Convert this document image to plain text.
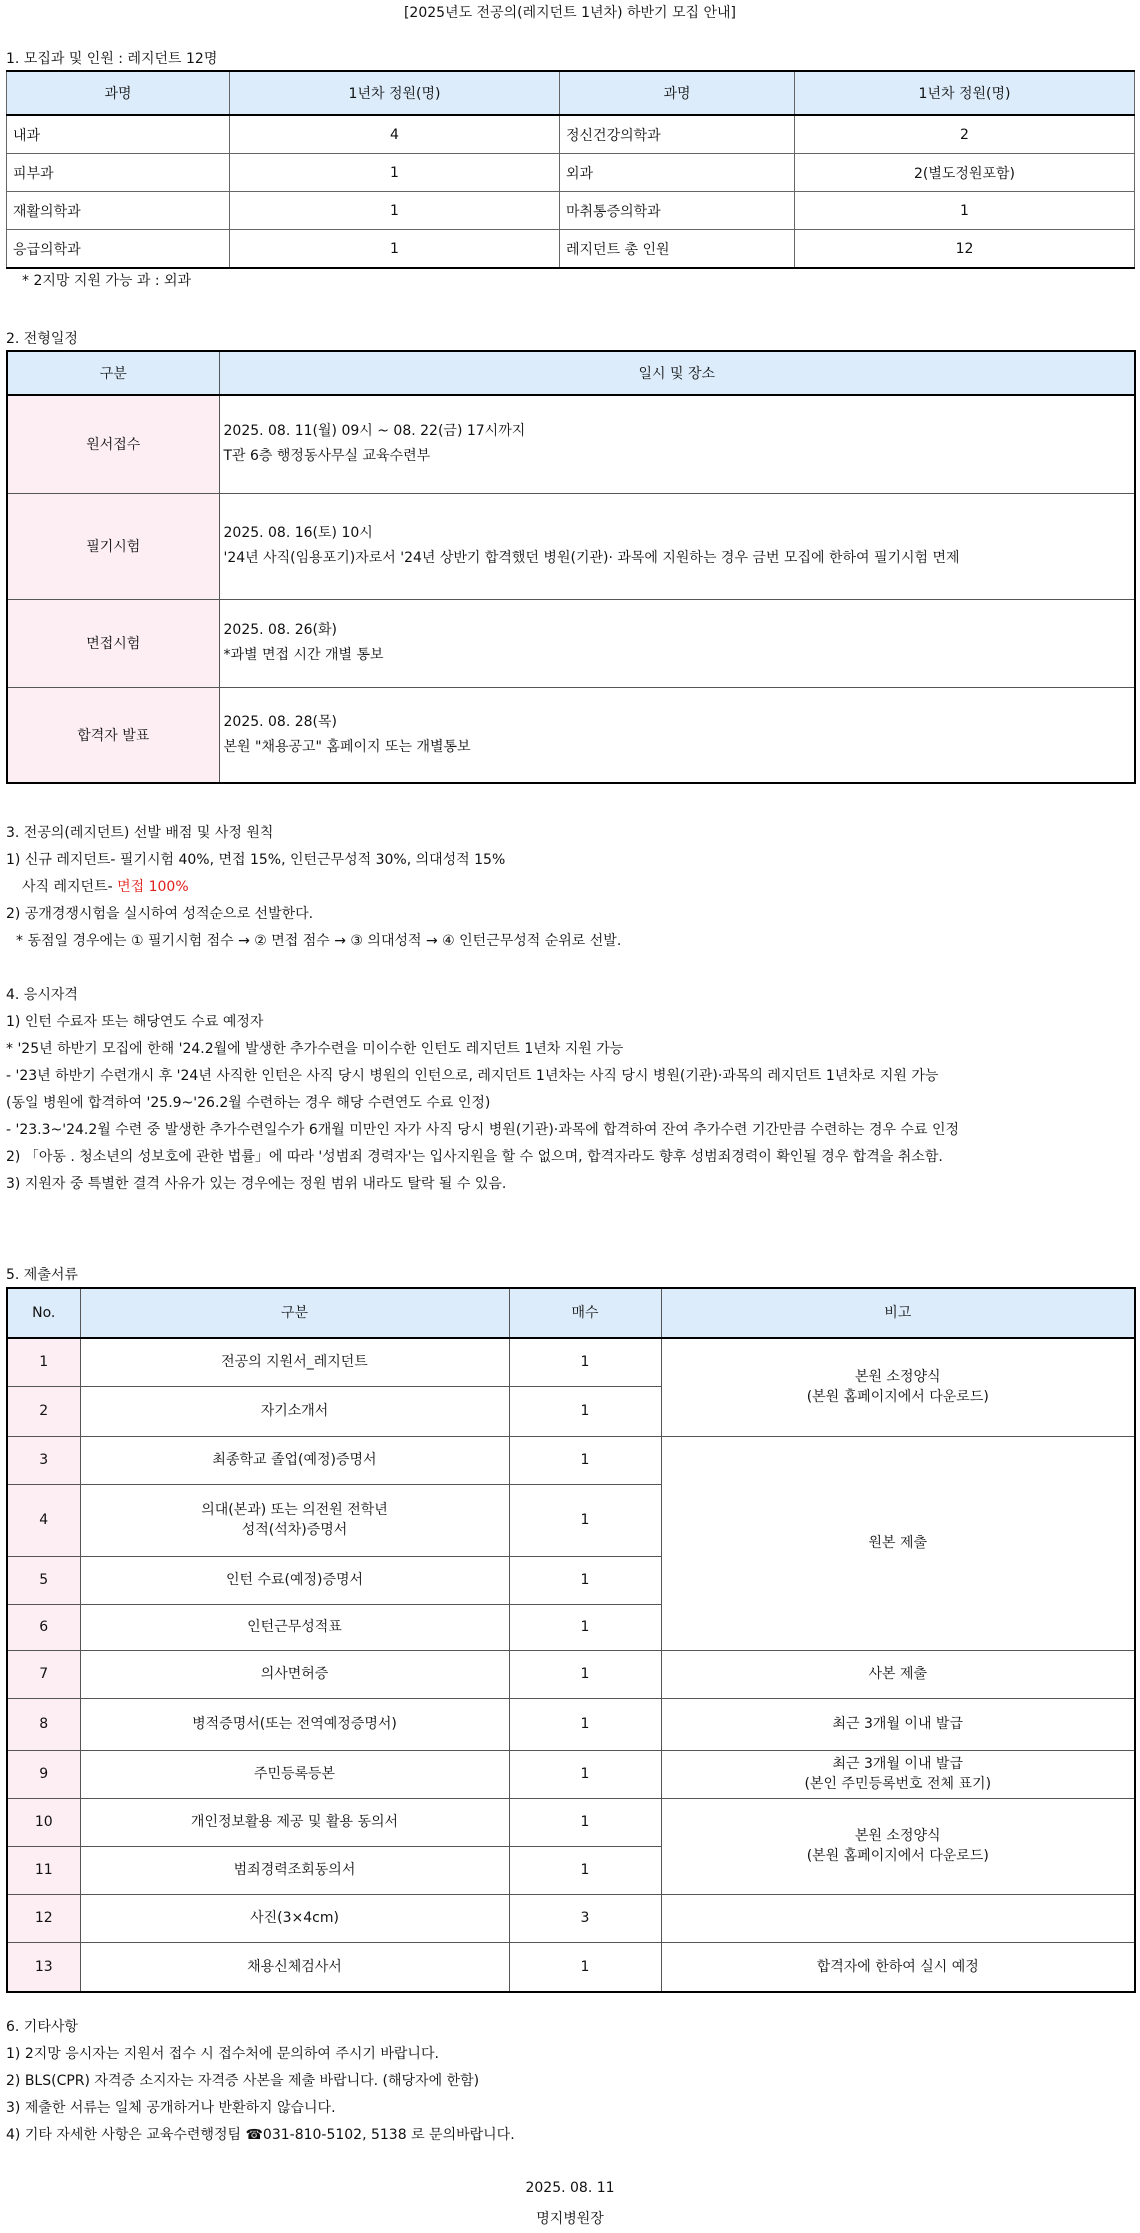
[2025년도 전공의(레지던트 1년차) 하반기 모집 안내]
1. 모집과 및 인원 : 레지던트 12명
과명	1년차 정원(명)	과명	1년차 정원(명)
내과	4	정신건강의학과	2
피부과	1	외과	2(별도정원포함)
재활의학과	1	마취통증의학과	1
응급의학과	1	레지던트 총 인원	12
* 2지망 지원 가능 과 : 외과
2. 전형일정
구분	일시 및 장소
원서접수	2025. 08. 11(월) 09시 ~ 08. 22(금) 17시까지
T관 6층 행정동사무실 교육수련부

필기시험	2025. 08. 16(토) 10시
'24년 사직(임용포기)자로서 '24년 상반기 합격했던 병원(기관)· 과목에 지원하는 경우 금번 모집에 한하여 필기시험 면제

면접시험	2025. 08. 26(화)
*과별 면접 시간 개별 통보

합격자 발표	2025. 08. 28(목)
본원 "채용공고" 홈페이지 또는 개별통보
3. 전공의(레지던트) 선발 배점 및 사정 원칙
1) 신규 레지던트- 필기시험 40%, 면접 15%, 인턴근무성적 30%, 의대성적 15%
사직 레지던트- 면접 100%
2) 공개경쟁시험을 실시하여 성적순으로 선발한다.
* 동점일 경우에는 ① 필기시험 점수 → ② 면접 점수 → ③ 의대성적 → ④ 인턴근무성적 순위로 선발.
4. 응시자격
1) 인턴 수료자 또는 해당연도 수료 예정자
* '25년 하반기 모집에 한해 '24.2월에 발생한 추가수련을 미이수한 인턴도 레지던트 1년차 지원 가능
- '23년 하반기 수련개시 후 '24년 사직한 인턴은 사직 당시 병원의 인턴으로, 레지던트 1년차는 사직 당시 병원(기관)·과목의 레지던트 1년차로 지원 가능
(동일 병원에 합격하여 '25.9~'26.2월 수련하는 경우 해당 수련연도 수료 인정)
- '23.3~'24.2월 수련 중 발생한 추가수련일수가 6개월 미만인 자가 사직 당시 병원(기관)·과목에 합격하여 잔여 추가수련 기간만큼 수련하는 경우 수료 인정
2) 「아동 . 청소년의 성보호에 관한 법률」에 따라 '성범죄 경력자'는 입사지원을 할 수 없으며, 합격자라도 향후 성범죄경력이 확인될 경우 합격을 취소함.
3) 지원자 중 특별한 결격 사유가 있는 경우에는 정원 범위 내라도 탈락 될 수 있음.
5. 제출서류
No.	구분	매수	비고
1	전공의 지원서_레지던트	1	본원 소정양식
(본원 홈페이지에서 다운로드)

2	자기소개서	1	
3	최종학교 졸업(예정)증명서	1	원본 제출
4	의대(본과) 또는 의전원 전학년
성적(석차)증명서	1	
5	인턴 수료(예정)증명서	1	
6	인턴근무성적표	1	
7	의사면허증	1	사본 제출
8	병적증명서(또는 전역예정증명서)	1	최근 3개월 이내 발급
9	주민등록등본	1	최근 3개월 이내 발급
(본인 주민등록번호 전체 표기)

10	개인정보활용 제공 및 활용 동의서	1	본원 소정양식
(본원 홈페이지에서 다운로드)

11	범죄경력조회동의서	1	
12	사진(3×4cm)	3	
13	채용신체검사서	1	합격자에 한하여 실시 예정
6. 기타사항
1) 2지망 응시자는 지원서 접수 시 접수처에 문의하여 주시기 바랍니다.
2) BLS(CPR) 자격증 소지자는 자격증 사본을 제출 바랍니다. (해당자에 한함)
3) 제출한 서류는 일체 공개하거나 반환하지 않습니다.
4) 기타 자세한 사항은 교육수련행정팀 ☎031-810-5102, 5138 로 문의바랍니다.
2025. 08. 11
명지병원장
